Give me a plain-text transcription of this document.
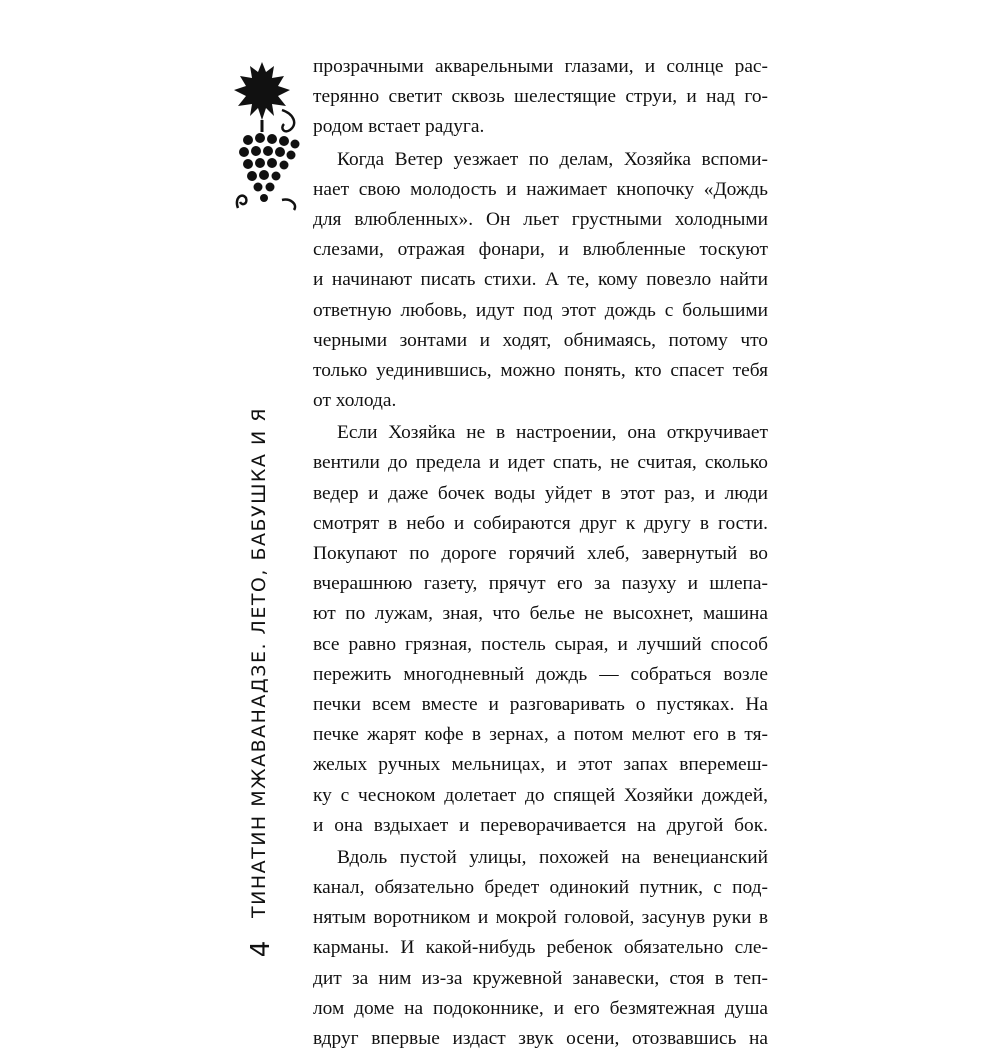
прозрачными акварельными глазами, и солнце рас-
терянно светит сквозь шелестящие струи, и над го-
родом встает радуга.
Когда Ветер уезжает по делам, Хозяйка вспоми-
нает свою молодость и нажимает кнопочку «Дождь
для влюбленных». Он льет грустными холодными
слезами, отражая фонари, и влюбленные тоскуют
и начинают писать стихи. А те, кому повезло найти
ответную любовь, идут под этот дождь с большими
черными зонтами и ходят, обнимаясь, потому что
только уединившись, можно понять, кто спасет тебя
от холода.
Если Хозяйка не в настроении, она откручивает
вентили до предела и идет спать, не считая, сколько
ведер и даже бочек воды уйдет в этот раз, и люди
смотрят в небо и собираются друг к другу в гости.
Покупают по дороге горячий хлеб, завернутый во
вчерашнюю газету, прячут его за пазуху и шлепа-
ют по лужам, зная, что белье не высохнет, машина
все равно грязная, постель сырая, и лучший способ
пережить многодневный дождь — собраться возле
печки всем вместе и разговаривать о пустяках. На
печке жарят кофе в зернах, а потом мелют его в тя-
желых ручных мельницах, и этот запах вперемеш-
ку с чесноком долетает до спящей Хозяйки дождей,
и она вздыхает и переворачивается на другой бок.
Вдоль пустой улицы, похожей на венецианский
канал, обязательно бредет одинокий путник, с под-
нятым воротником и мокрой головой, засунув руки в
карманы. И какой-нибудь ребенок обязательно сле-
дит за ним из-за кружевной занавески, стоя в теп-
лом доме на подоконнике, и его безмятежная душа
вдруг впервые издаст звук осени, отозвавшись на
ТИНАТИН МЖАВАНАДЗЕ. ЛЕТО, БАБУШКА И Я
4
